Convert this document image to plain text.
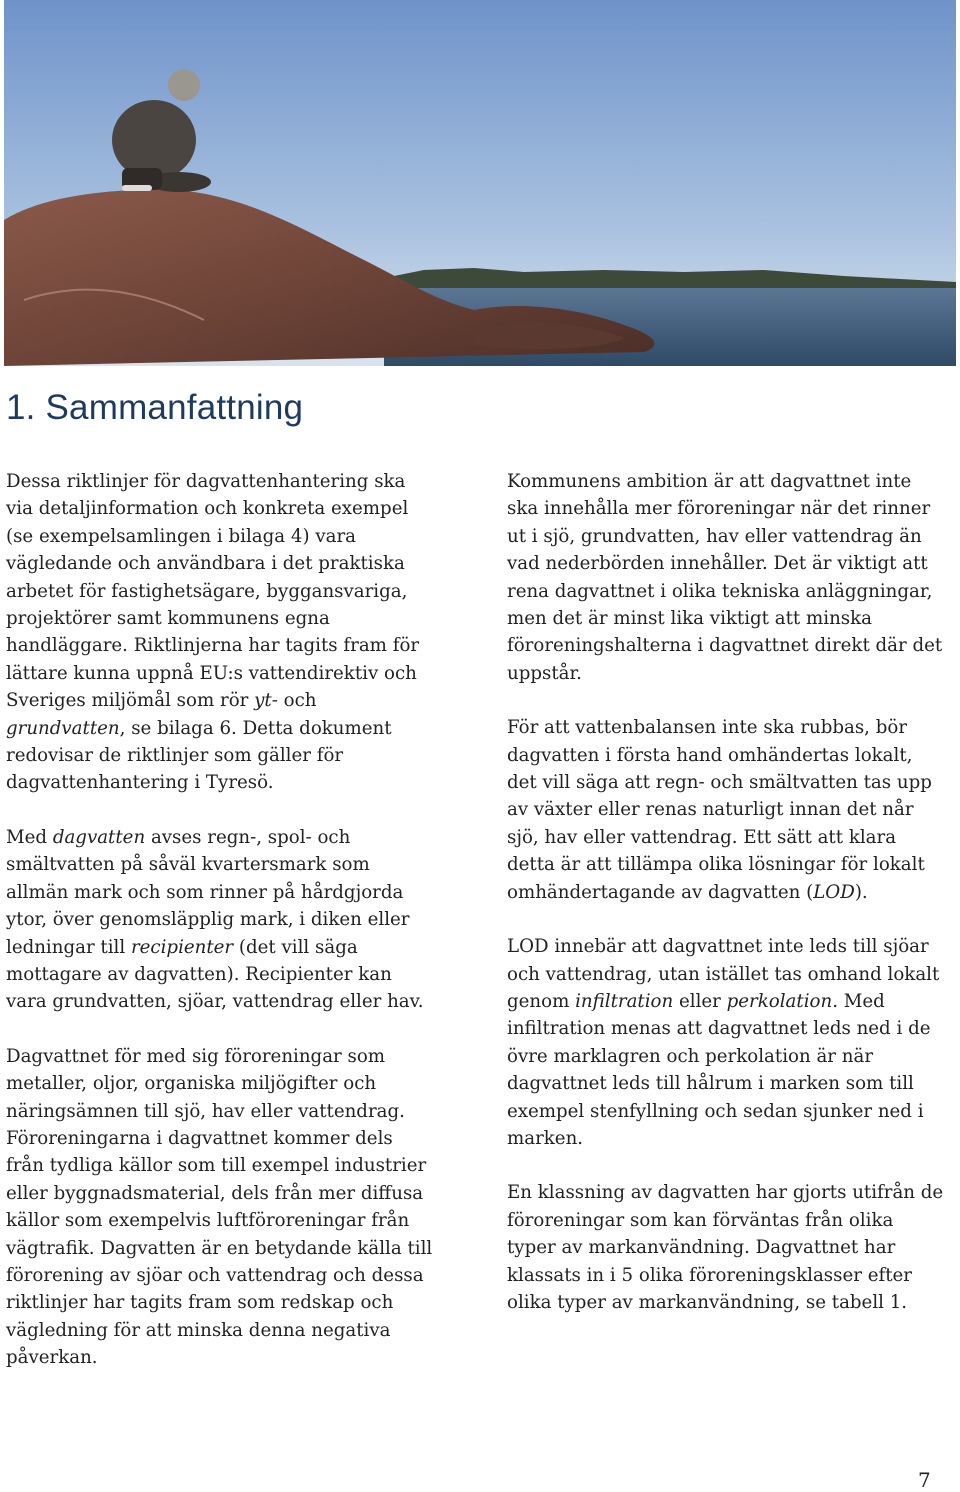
1. Sammanfattning

Dessa riktlinjer för dagvattenhantering ska via detaljinformation och konkreta exempel (se exempelsamlingen i bilaga 4) vara vägledande och användbara i det praktiska arbetet för fastighetsägare, byggansvariga, projektörer samt kommunens egna handläggare. Riktlinjerna har tagits fram för lättare kunna uppnå EU:s vattendirektiv och Sveriges miljömål som rör yt- och grundvatten, se bilaga 6. Detta dokument redovisar de riktlinjer som gäller för dagvattenhantering i Tyresö.

Med dagvatten avses regn-, spol- och smältvatten på såväl kvartersmark som allmän mark och som rinner på hårdgjorda ytor, över genomsläpplig mark, i diken eller ledningar till recipienter (det vill säga mottagare av dagvatten). Recipienter kan vara grundvatten, sjöar, vattendrag eller hav.

Dagvattnet för med sig föroreningar som metaller, oljor, organiska miljögifter och näringsämnen till sjö, hav eller vattendrag. Föroreningarna i dagvattnet kommer dels från tydliga källor som till exempel industrier eller byggnadsmaterial, dels från mer diffusa källor som exempelvis luftföroreningar från vägtrafik. Dagvatten är en betydande källa till förorening av sjöar och vattendrag och dessa riktlinjer har tagits fram som redskap och vägledning för att minska denna negativa påverkan.

Kommunens ambition är att dagvattnet inte ska innehålla mer föroreningar när det rinner ut i sjö, grundvatten, hav eller vattendrag än vad nederbörden innehåller. Det är viktigt att rena dagvattnet i olika tekniska anläggningar, men det är minst lika viktigt att minska föroreningshalterna i dagvattnet direkt där det uppstår.

För att vattenbalansen inte ska rubbas, bör dagvatten i första hand omhändertas lokalt, det vill säga att regn- och smältvatten tas upp av växter eller renas naturligt innan det når sjö, hav eller vattendrag. Ett sätt att klara detta är att tillämpa olika lösningar för lokalt omhändertagande av dagvatten (LOD).

LOD innebär att dagvattnet inte leds till sjöar och vattendrag, utan istället tas omhand lokalt genom infiltration eller perkolation. Med infiltration menas att dagvattnet leds ned i de övre marklagren och perkolation är när dagvattnet leds till hålrum i marken som till exempel stenfyllning och sedan sjunker ned i marken.

En klassning av dagvatten har gjorts utifrån de föroreningar som kan förväntas från olika typer av markanvändning. Dagvattnet har klassats in i 5 olika föroreningsklasser efter olika typer av markanvändning, se tabell 1.

7
